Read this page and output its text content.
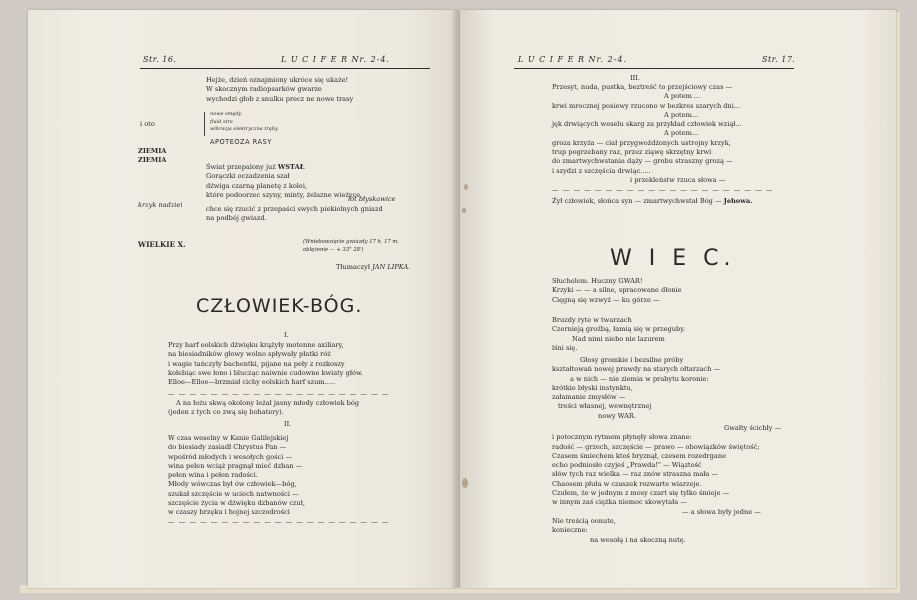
Str. 16.	L U C I F E R Nr. 2-4.
Hejże, dzień oznajmiony ukróce się ukaże!
W skocznym radiopsarków gwarze
wychodzi głob z snulku precz ne nowe trasy
i oto
nowe smędy
fluid stre
wibracja elektryczna trąby
APOTEOZA RASY
ZIEMIA
ZIEMIA
Świat przepalony już WSTAŁ
Gorączki oczadzenia szał
dźwiga czarną planetę z kolei,
które podoorzec szyny, minty, żelazne wieżyce
krzyk nadziei
lot błyskawice
chce się rzucić z przepaści swych piekielnych gniazd
na podbój gwiazd.
WIELKIE X.	(Wniebowzięcie gwiazdy 17 h. 17 m.
oblężenie — + 33° 28')
Tłumaczył JAN LIPKA.
CZŁOWIEK-BÓG.
I.
Przy harf eolskich dźwięku krążyły motenne axiliary,
na biesiadników głowy wolno spływały płatki róż
i wagie tańczyły bachentki, pijane na peły z rozkoszy
kołebiąc swe łono i blucząc naiwnie cudowne kwiaty głów.
Elloe—Elloe—brzmiał cichy eolskich harf szum.....
— — — — — — — — — — — — — — — — — — — — —
A na łożu skwą okolony leżał jasny młody człowiek bóg
(jeden z tych co zwą się bohatery).
II.
W czas weselny w Kanie Galilejskiej
do biesiady zasiadł Chrystus Pan —
wpośród młodych i wesołych gości —
wina pełen wciąż pragnął mieć dzban —
pełen wina i pełen radości.
Młody wówczas był ów człowiek—bóg,
szukał szczęście w uciech natwności —
szczęście życia w dźwięku dzbanów czuł,
w czaszy brzęku i hojnej szczodrości
— — — — — — — — — — — — — — — — — — — — —
L U C I F E R Nr. 2-4.	Str. 17.
III.
Przesyt, nuda, pustka, beztreść to przejściowy czas —
A potem ...
krwi mrocznej posiewy rzucono w bezkres szarych dni...
A potem...
jęk drwiących weselu skarg za przykład człowiek wziął...
A potem...
groza krzyża — ciał przygwożdżonych ustrojny krzyk,
trup pogrzebany raz, przez ziąwę skrzętny krwi
do zmartwychwstania dąży — grobu straszny grozą —
i szydzi z szczęścia drwiąc.....
i przekleństw rzuca słowa —
— — — — — — — — — — — — — — — — — — — — —
Żył człowiek, słońca syn — zmartwychwstał Bóg — Jehowa.
W I E C.
Słuchelem. Huczny GWAR!
Krzyki — — a silne, spracowane dłonie
Cięgną się wzwyż — ku górze —
Bruzdy ryte w twarzach
Czernieją groźbą, łamią się w przeguby.
Nad nimi niebo nie lazurem
lśni się.
Głosy gromkie i bezsilne próby
kształtowań nowej prawdy na starych ołtarzach —
a w nich — nie ziemia w prabytu koronie:
krótkie błyski instynktu,
załamanie zmysłów —
treści własnej, wewnętrznej
nowy WAR.
Gwałty ścichły —
i potocznym rytmem płynęły słowa znane:
radość — grzech, szczęście — prawo — obowiązków świętość;
Czasem śmiechem ktoś bryznął, czesem rozedrgane
echo podniosło czyjeś „Prawda!" — Wiąztość
słów tych raz wielka — raz znów straszna mała —
Chaosem płuła w czaszek rozwarte wiarzeje.
Czułem, że w jednym z mosy czart się tylko śmieje —
w innym zaś ciężka niemoc skowytała —
— a słowa były jedne —
Nie treścią oonute,
konieczne:
na wesołą i na skoczną nutę.
